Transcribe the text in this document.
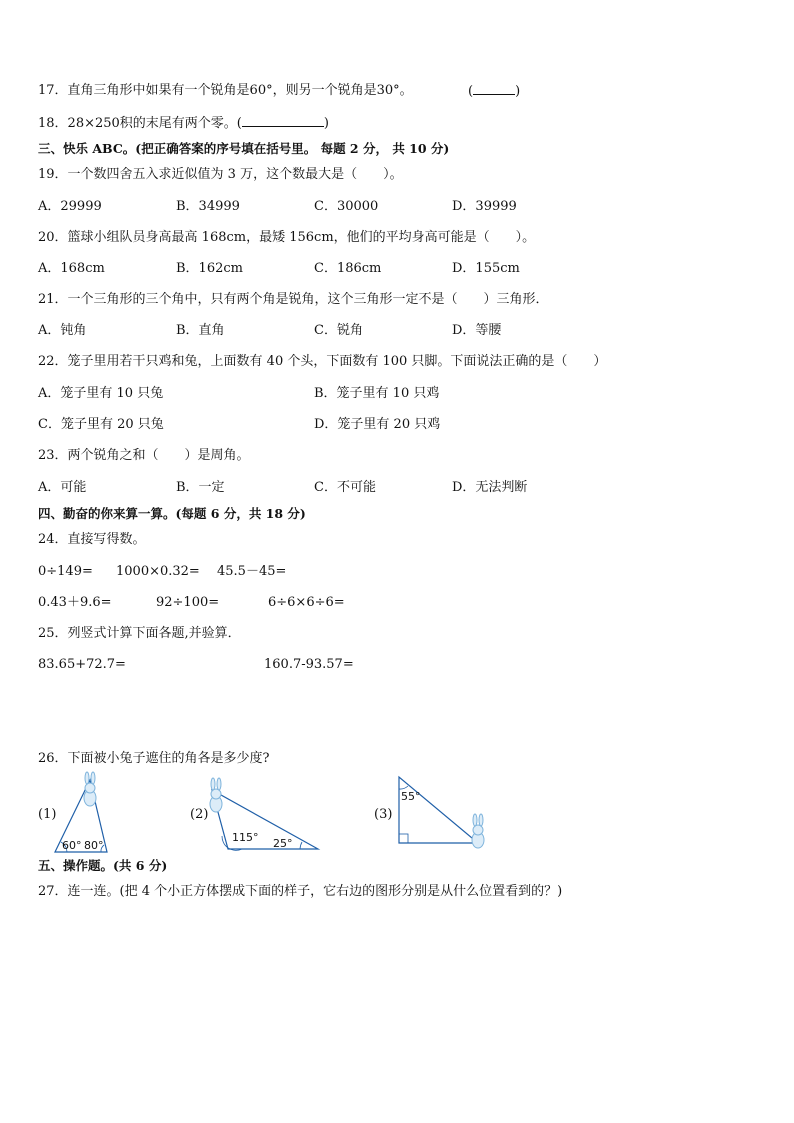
17．直角三角形中如果有一个锐角是60°，则另一个锐角是30°。	(	)
18．28×250积的末尾有两个零。(	)
三、快乐 ABC。(把正确答案的序号填在括号里。 每题 2 分， 共 10 分)
19．一个数四舍五入求近似值为 3 万，这个数最大是（　　）。
A．29999	B．34999	C．30000	D．39999
20．篮球小组队员身高最高 168cm，最矮 156cm，他们的平均身高可能是（　　）。
A．168cm	B．162cm	C．186cm	D．155cm
21．一个三角形的三个角中，只有两个角是锐角，这个三角形一定不是（　　）三角形．
A．钝角	B．直角	C．锐角	D．等腰
22．笼子里用若干只鸡和兔，上面数有 40 个头，下面数有 100 只脚。下面说法正确的是（　　）
A．笼子里有 10 只兔	B．笼子里有 10 只鸡
C．笼子里有 20 只兔	D．笼子里有 20 只鸡
23．两个锐角之和（　　）是周角。
A．可能	B．一定	C．不可能	D．无法判断
四、勤奋的你来算一算。(每题 6 分，共 18 分)
24．直接写得数。
0÷149= 1000×0.32= 45.5－45=
0.43＋9.6=	92÷100=	6÷6×6÷6=
25．列竖式计算下面各题,并验算．
83.65+72.7=	160.7-93.57=
26．下面被小兔子遮住的角各是多少度?
(1)	(2)	(3)
60° 80°
115° 25°
55°
五、操作题。(共 6 分)
27．连一连。(把 4 个小正方体摆成下面的样子，它右边的图形分别是从什么位置看到的？)
